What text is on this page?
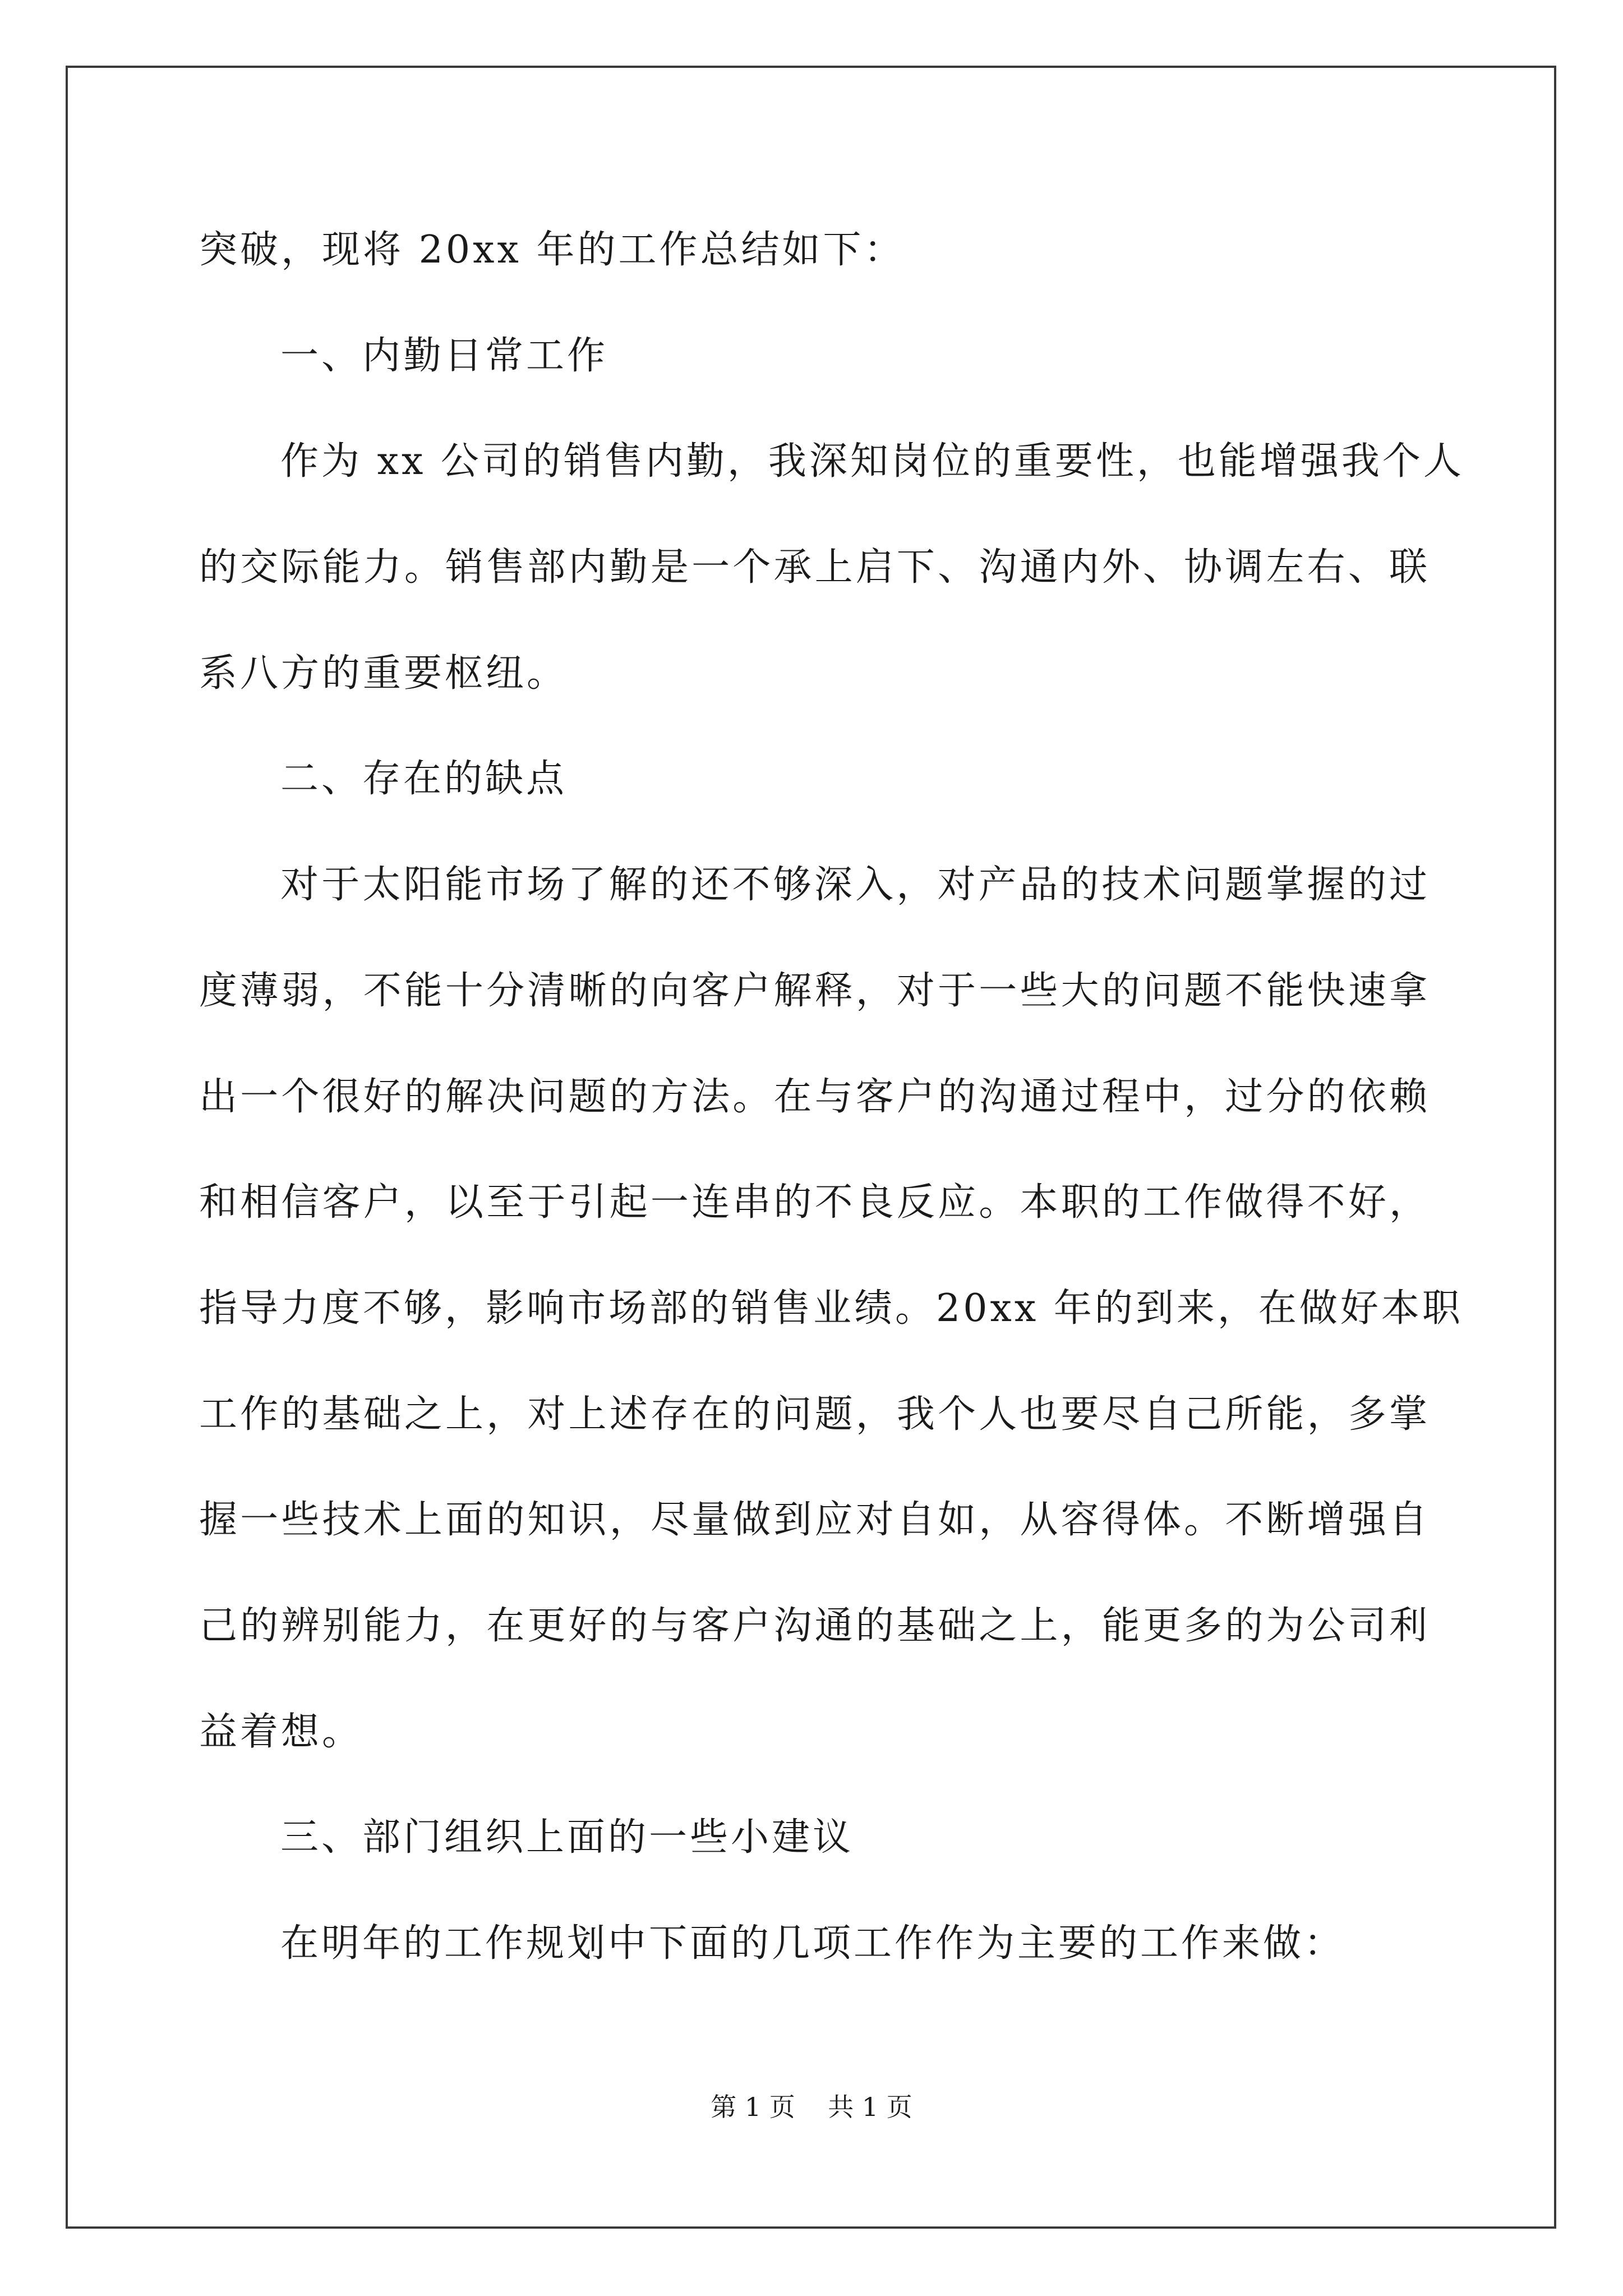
突破，现将 20xx 年的工作总结如下：
一、内勤日常工作
作为 xx 公司的销售内勤，我深知岗位的重要性，也能增强我个人
的交际能力。销售部内勤是一个承上启下、沟通内外、协调左右、联
系八方的重要枢纽。
二、存在的缺点
对于太阳能市场了解的还不够深入，对产品的技术问题掌握的过
度薄弱，不能十分清晰的向客户解释，对于一些大的问题不能快速拿
出一个很好的解决问题的方法。在与客户的沟通过程中，过分的依赖
和相信客户，以至于引起一连串的不良反应。本职的工作做得不好，
指导力度不够，影响市场部的销售业绩。20xx 年的到来，在做好本职
工作的基础之上，对上述存在的问题，我个人也要尽自己所能，多掌
握一些技术上面的知识，尽量做到应对自如，从容得体。不断增强自
己的辨别能力，在更好的与客户沟通的基础之上，能更多的为公司利
益着想。
三、部门组织上面的一些小建议
在明年的工作规划中下面的几项工作作为主要的工作来做：
第 1 页    共 1 页
